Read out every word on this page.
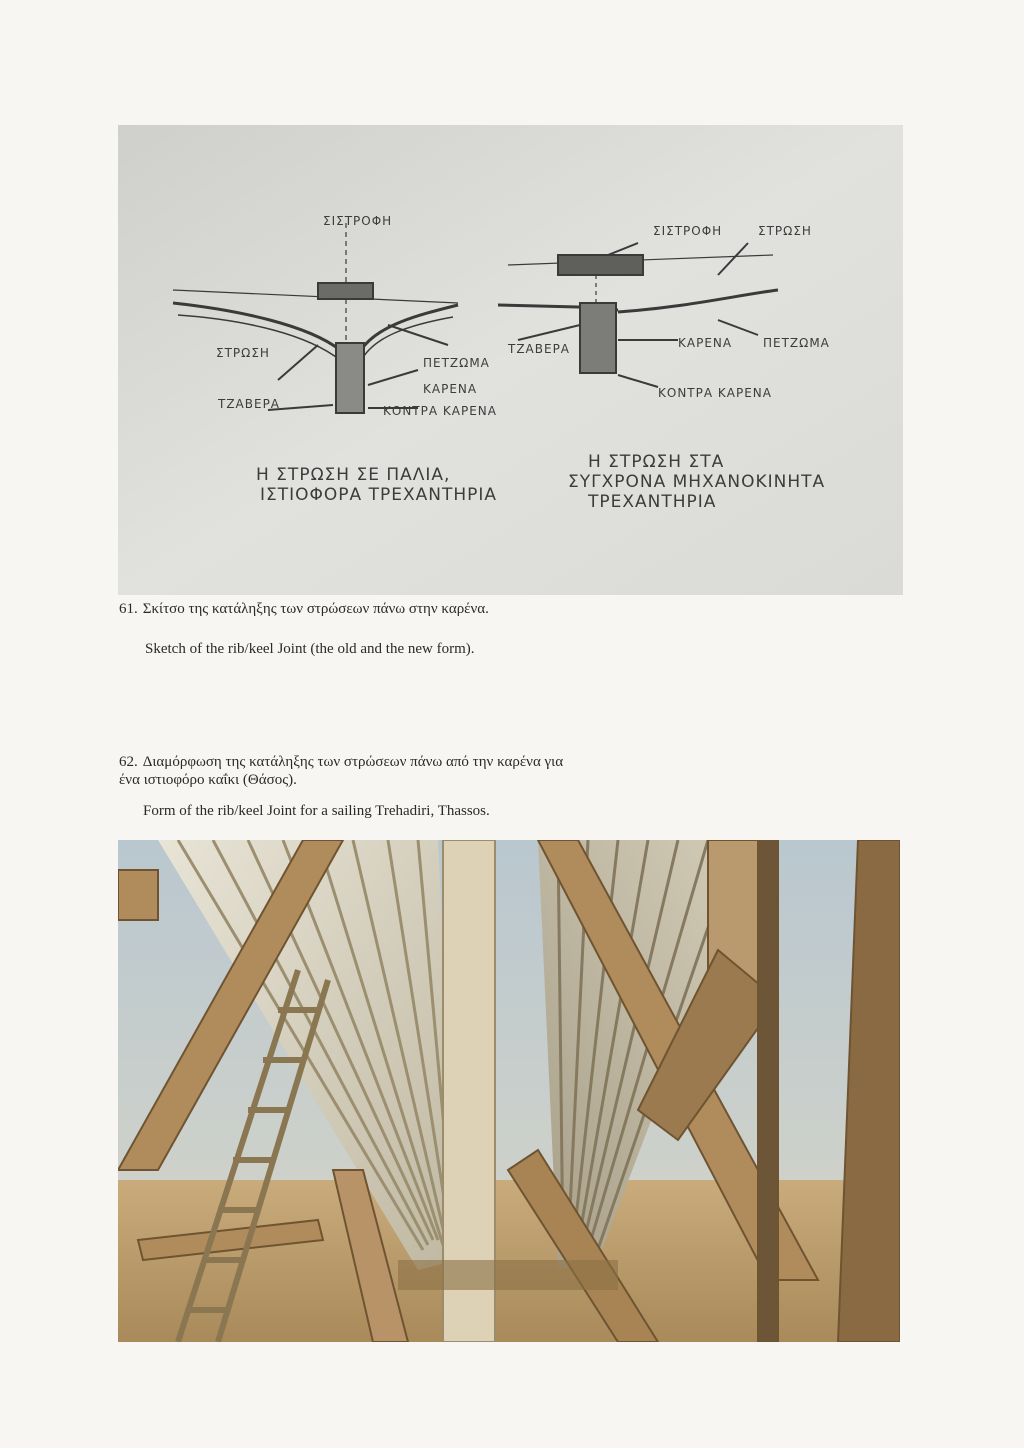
ΣΙΣΤΡΟΦΗ
ΣΤΡΩΣΗ
ΠΕΤΖΩΜΑ
ΚΑΡΕΝΑ
ΤΖΑΒΕΡΑ	ΚΟΝΤΡΑ ΚΑΡΕΝΑ
Η ΣΤΡΩΣΗ ΣΕ ΠΑΛΙΑ,
ΙΣΤΙΟΦΟΡΑ ΤΡΕΧΑΝΤΗΡΙΑ
ΣΙΣΤΡΟΦΗ	ΣΤΡΩΣΗ
ΤΖΑΒΕΡΑ	ΚΑΡΕΝΑ	ΠΕΤΖΩΜΑ
ΚΟΝΤΡΑ ΚΑΡΕΝΑ
Η ΣΤΡΩΣΗ ΣΤΑ
ΣΥΓΧΡΟΝΑ ΜΗΧΑΝΟΚΙΝΗΤΑ
ΤΡΕΧΑΝΤΗΡΙΑ
61. Σκίτσο της κατάληξης των στρώσεων πάνω στην καρένα.
Sketch of the rib/keel Joint (the old and the new form).
62. Διαμόρφωση της κατάληξης των στρώσεων πάνω από την καρένα για ένα ιστιοφόρο καΐκι (Θάσος).
Form of the rib/keel Joint for a sailing Trehadiri, Thassos.
